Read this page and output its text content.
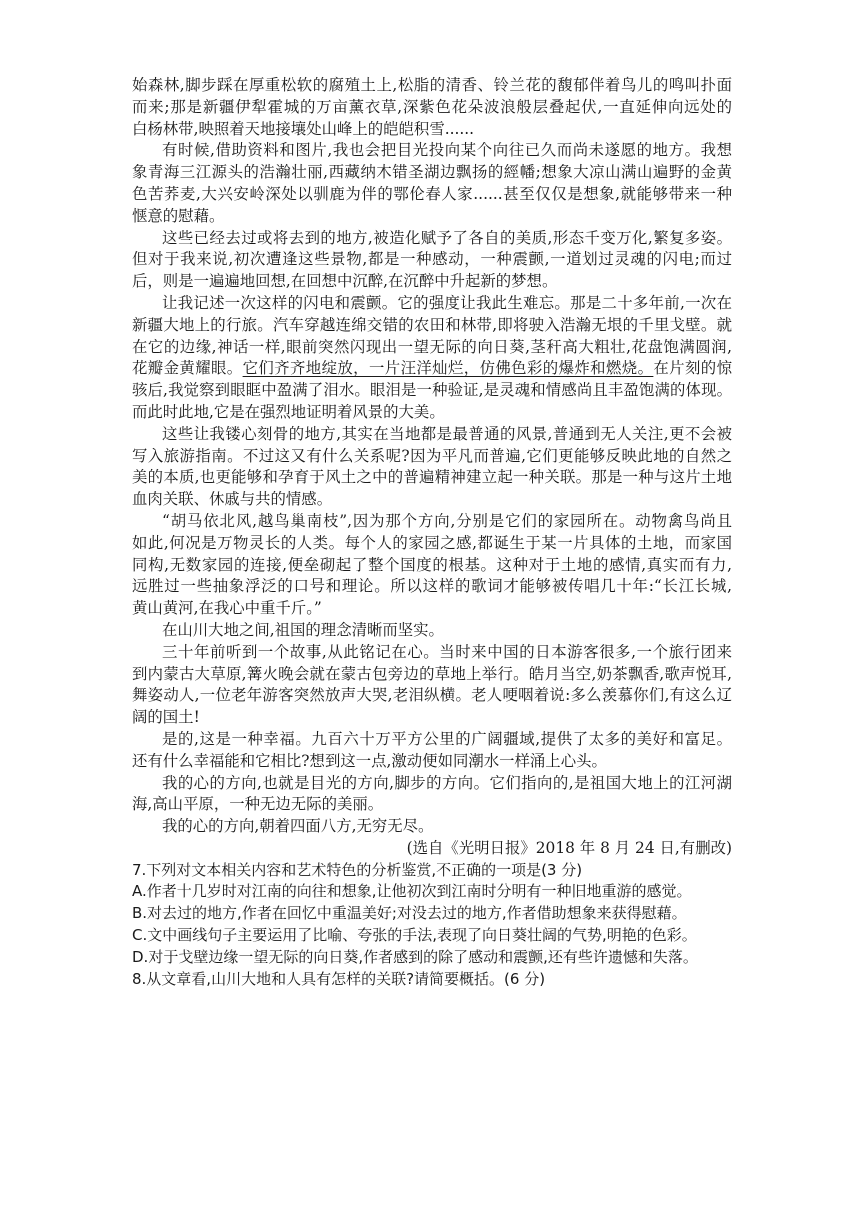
始森林,脚步踩在厚重松软的腐殖土上,松脂的清香、铃兰花的馥郁伴着鸟儿的鸣叫扑面
而来;那是新疆伊犁霍城的万亩薰衣草,深紫色花朵波浪般层叠起伏,一直延伸向远处的
白杨林带,映照着天地接壤处山峰上的皑皑积雪......
有时候,借助资料和图片,我也会把目光投向某个向往已久而尚未遂愿的地方。我想
象青海三江源头的浩瀚壮丽,西藏纳木错圣湖边飘扬的經幡;想象大凉山满山遍野的金黄
色苦荞麦,大兴安岭深处以驯鹿为伴的鄂伦春人家......甚至仅仅是想象,就能够带来一种
惬意的慰藉。
这些已经去过或将去到的地方,被造化赋予了各自的美质,形态千变万化,繁复多姿。
但对于我来说,初次遭逢这些景物,都是一种感动，一种震颤,一道划过灵魂的闪电;而过
后，则是一遍遍地回想,在回想中沉醉,在沉醉中升起新的梦想。
让我记述一次这样的闪电和震颤。它的强度让我此生难忘。那是二十多年前,一次在
新疆大地上的行旅。汽车穿越连绵交错的农田和林带,即将驶入浩瀚无垠的千里戈壁。就
在它的边缘,神话一样,眼前突然闪现出一望无际的向日葵,茎秆高大粗壮,花盘饱满圆润,
花瓣金黄耀眼。它们齐齐地绽放，一片汪洋灿烂，仿佛色彩的爆炸和燃烧。在片刻的惊
骇后,我觉察到眼眶中盈满了泪水。眼泪是一种验证,是灵魂和情感尚且丰盈饱满的体现。
而此时此地,它是在强烈地证明着风景的大美。
这些让我镂心刻骨的地方,其实在当地都是最普通的风景,普通到无人关注,更不会被
写入旅游指南。不过这又有什么关系呢?因为平凡而普遍,它们更能够反映此地的自然之
美的本质,也更能够和孕育于风土之中的普遍精神建立起一种关联。那是一种与这片土地
血肉关联、休戚与共的情感。
“胡马依北风,越鸟巢南枝”,因为那个方向,分别是它们的家园所在。动物禽鸟尚且
如此,何况是万物灵长的人类。每个人的家园之感,都诞生于某一片具体的土地，而家国
同构,无数家园的连接,便垒砌起了整个国度的根基。这种对于土地的感情,真实而有力,
远胜过一些抽象浮泛的口号和理论。所以这样的歌词才能够被传唱几十年:“长江长城,
黄山黄河,在我心中重千斤。”
在山川大地之间,祖国的理念清晰而坚实。
三十年前听到一个故事,从此铭记在心。当时来中国的日本游客很多,一个旅行团来
到内蒙古大草原,篝火晚会就在蒙古包旁边的草地上举行。皓月当空,奶茶飘香,歌声悦耳,
舞姿动人,一位老年游客突然放声大哭,老泪纵横。老人哽咽着说:多么羡慕你们,有这么辽
阔的国土!
是的,这是一种幸福。九百六十万平方公里的广阔疆域,提供了太多的美好和富足。
还有什么幸福能和它相比?想到这一点,激动便如同潮水一样涌上心头。
我的心的方向,也就是目光的方向,脚步的方向。它们指向的,是祖国大地上的江河湖
海,高山平原，一种无边无际的美丽。
我的心的方向,朝着四面八方,无穷无尽。
(选自《光明日报》2018 年 8 月 24 日,有删改)
7.下列对文本相关内容和艺术特色的分析鉴赏,不正确的一项是(3 分)
A.作者十几岁时对江南的向往和想象,让他初次到江南时分明有一种旧地重游的感觉。
B.对去过的地方,作者在回忆中重温美好;对没去过的地方,作者借助想象来获得慰藉。
C.文中画线句子主要运用了比喻、夸张的手法,表现了向日葵壮阔的气势,明艳的色彩。
D.对于戈壁边缘一望无际的向日葵,作者感到的除了感动和震颤,还有些许遗憾和失落。
8.从文章看,山川大地和人具有怎样的关联?请简要概括。(6 分)
